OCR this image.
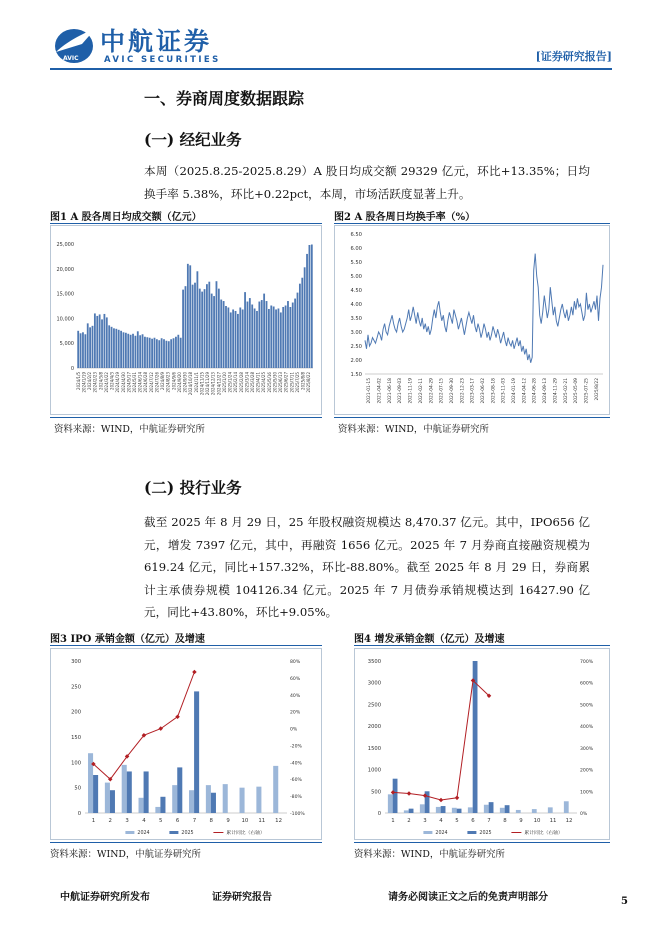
AVIC
中航证券
AVIC SECURITIES	[证券研究报告]
一、券商周度数据跟踪
(一) 经纪业务
本周（2025.8.25-2025.8.29）A 股日均成交额 29329 亿元，环比+13.35%；日均换手率 5.38%，环比+0.22pct，本周，市场活跃度显著上升。
图1 A 股各周日均成交额（亿元）
0
5,000
10,000
15,000
20,000
25,000
2024/1/5 2024/1/19 2024/2/2 2024/2/23 2024/3/8 2024/3/22 2024/4/3 2024/4/19 2024/4/30 2024/5/17 2024/5/31 2024/6/14 2024/6/28 2024/7/12 2024/7/26 2024/8/9 2024/8/23 2024/9/6 2024/9/20 2024/9/30 2024/10/18 2024/11/1 2024/11/15 2024/11/29 2024/12/13 2024/12/27 2025/1/10 2025/1/24 2025/2/14 2025/2/28 2025/3/14 2025/3/28 2025/4/11 2025/4/25 2025/5/16 2025/5/30 2025/6/13 2025/6/27 2025/7/11 2025/7/25 2025/8/8 2025/8/22
资料来源：WIND，中航证券研究所
图2 A 股各周日均换手率（%）
1.50
2.00
2.50
3.00
3.50
4.00
4.50
5.00
5.50
6.00
6.50
2021-01-15 2021-04-02 2021-06-18 2021-09-03 2021-11-19 2022-02-11 2022-04-29 2022-07-15 2022-09-30 2022-12-23 2023-03-17 2023-06-02 2023-08-18 2023-11-03 2024-01-19 2024-04-12 2024-06-28 2024-09-13 2024-11-29 2025-02-21 2025-05-09 2025-07-25 2025/8/22
资料来源：WIND，中航证券研究所
(二) 投行业务
截至 2025 年 8 月 29 日，25 年股权融资规模达 8,470.37 亿元。其中，IPO656 亿元，增发 7397 亿元，其中，再融资 1656 亿元。2025 年 7 月券商直接融资规模为 619.24 亿元，同比+157.32%，环比-88.80%。截至 2025 年 8 月 29 日，券商累计主承债券规模 104126.34 亿元。2025 年 7 月债券承销规模达到 16427.90 亿元，同比+43.80%，环比+9.05%。
图3 IPO 承销金额（亿元）及增速
0
50
100
150
200
250
300
-100%
-80%
-60%
-40%
-20%
0%
20%
40%
60%
80%
1 2 3 4 5 6 7 8 9 10 11 12
2024	2025	累计同比（右轴）
资料来源：WIND，中航证券研究所
图4 增发承销金额（亿元）及增速
0
500
1000
1500
2000
2500
3000
3500
0%
100%
200%
300%
400%
500%
600%
700%
1 2 3 4 5 6 7 8 9 10 11 12
2024	2025	累计同比（右轴）
资料来源：WIND，中航证券研究所
中航证券研究所发布	证券研究报告	请务必阅读正文之后的免责声明部分	5
